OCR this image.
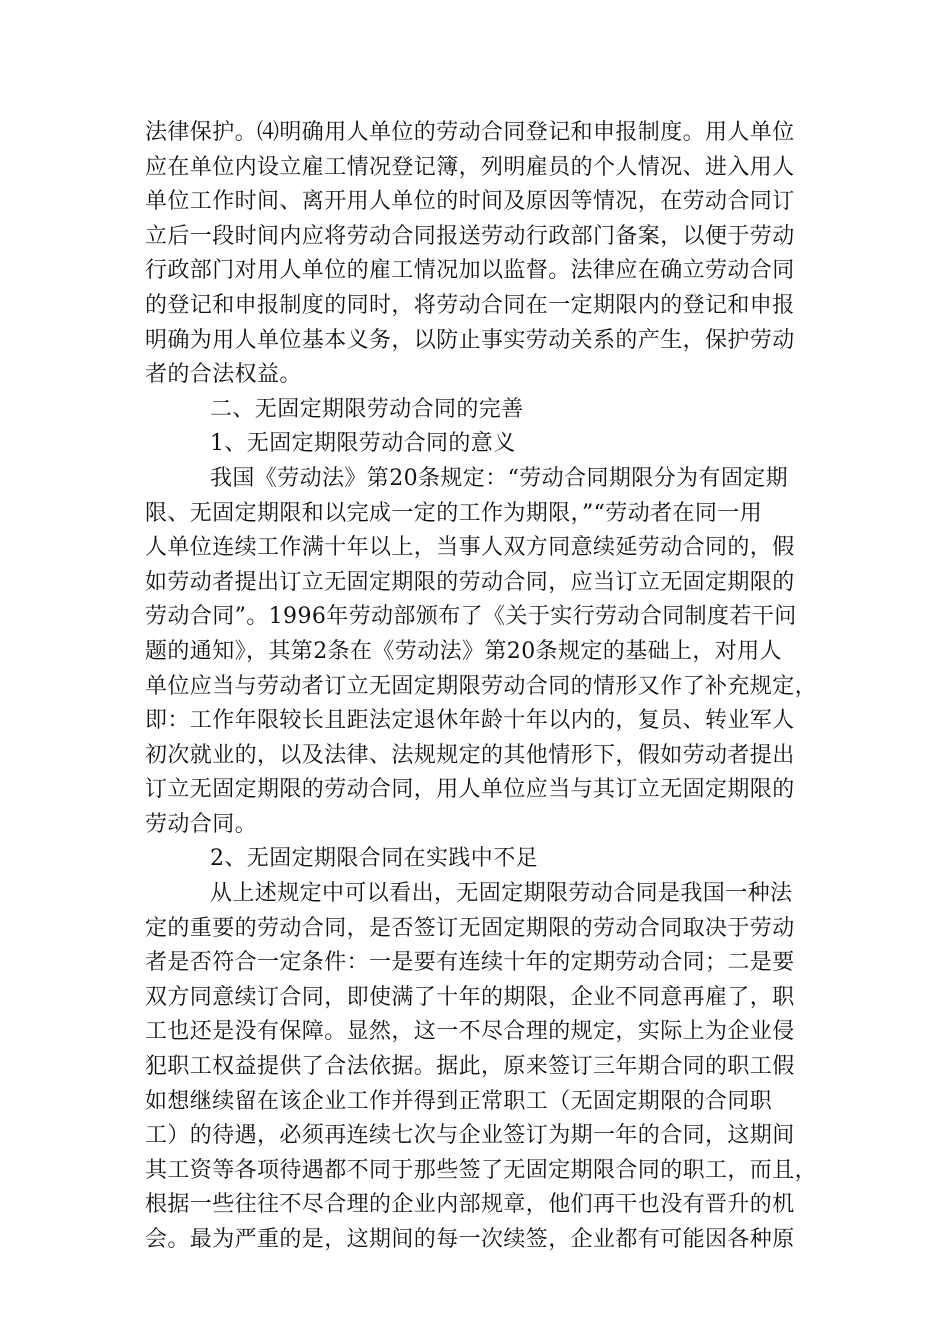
法律保护。⑷明确用人单位的劳动合同登记和申报制度。用人单位
应在单位内设立雇工情况登记簿，列明雇员的个人情况、进入用人
单位工作时间、离开用人单位的时间及原因等情况，在劳动合同订
立后一段时间内应将劳动合同报送劳动行政部门备案，以便于劳动
行政部门对用人单位的雇工情况加以监督。法律应在确立劳动合同
的登记和申报制度的同时，将劳动合同在一定期限内的登记和申报
明确为用人单位基本义务，以防止事实劳动关系的产生，保护劳动
者的合法权益。
二、无固定期限劳动合同的完善
1、无固定期限劳动合同的意义
我国《劳动法》第20条规定：“劳动合同期限分为有固定期
限、无固定期限和以完成一定的工作为期限，”“劳动者在同一用
人单位连续工作满十年以上，当事人双方同意续延劳动合同的，假
如劳动者提出订立无固定期限的劳动合同，应当订立无固定期限的
劳动合同”。1996年劳动部颁布了《关于实行劳动合同制度若干问
题的通知》，其第2条在《劳动法》第20条规定的基础上，对用人
单位应当与劳动者订立无固定期限劳动合同的情形又作了补充规定，
即：工作年限较长且距法定退休年龄十年以内的，复员、转业军人
初次就业的，以及法律、法规规定的其他情形下，假如劳动者提出
订立无固定期限的劳动合同，用人单位应当与其订立无固定期限的
劳动合同。
2、无固定期限合同在实践中不足
从上述规定中可以看出，无固定期限劳动合同是我国一种法
定的重要的劳动合同，是否签订无固定期限的劳动合同取决于劳动
者是否符合一定条件：一是要有连续十年的定期劳动合同；二是要
双方同意续订合同，即使满了十年的期限，企业不同意再雇了，职
工也还是没有保障。显然，这一不尽合理的规定，实际上为企业侵
犯职工权益提供了合法依据。据此，原来签订三年期合同的职工假
如想继续留在该企业工作并得到正常职工（无固定期限的合同职
工）的待遇，必须再连续七次与企业签订为期一年的合同，这期间
其工资等各项待遇都不同于那些签了无固定期限合同的职工，而且，
根据一些往往不尽合理的企业内部规章，他们再干也没有晋升的机
会。最为严重的是，这期间的每一次续签，企业都有可能因各种原
